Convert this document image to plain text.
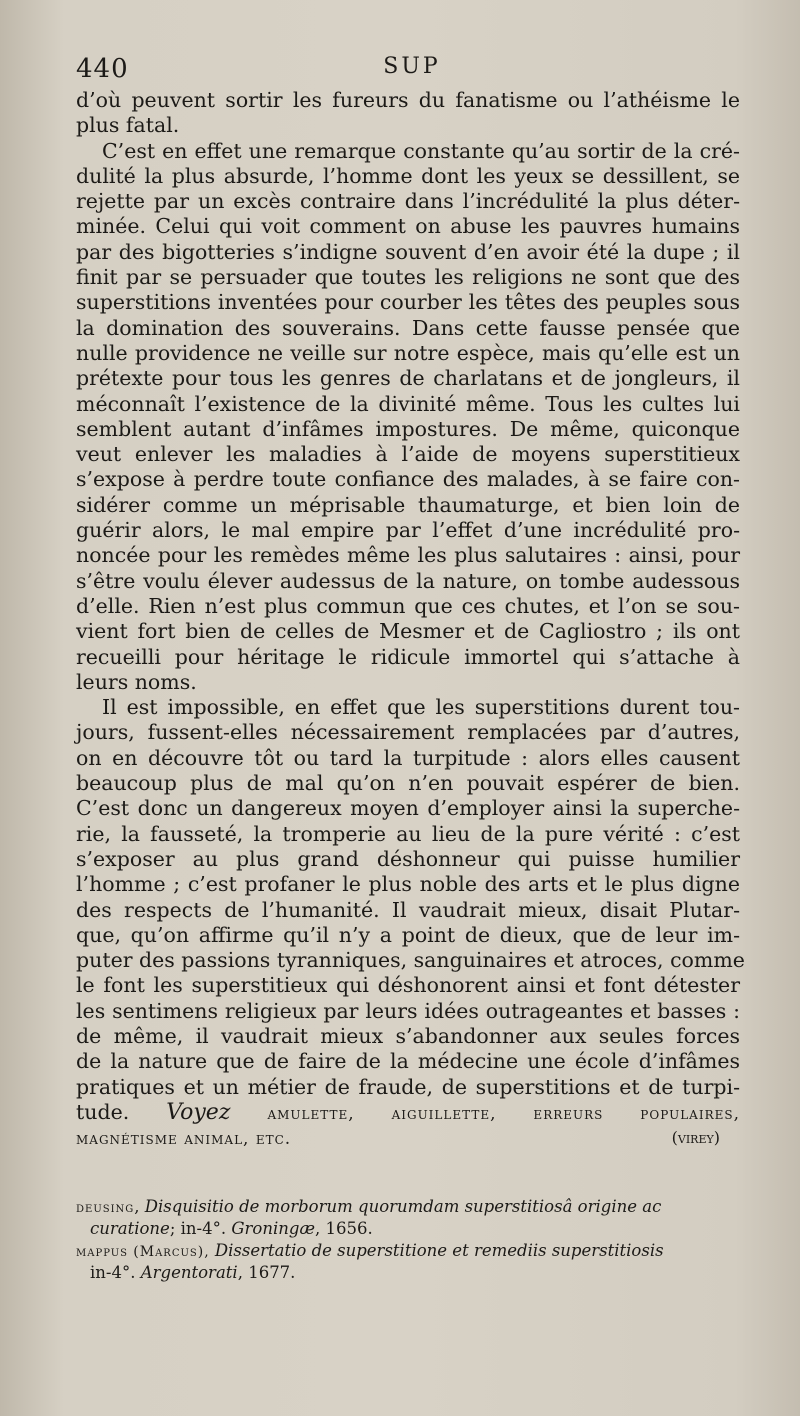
440	SUP
d’où peuvent sortir les fureurs du fanatisme ou l’athéisme le
plus fatal.
C’est en effet une remarque constante qu’au sortir de la cré-
dulité la plus absurde, l’homme dont les yeux se dessillent, se
rejette par un excès contraire dans l’incrédulité la plus déter-
minée. Celui qui voit comment on abuse les pauvres humains
par des bigotteries s’indigne souvent d’en avoir été la dupe ; il
finit par se persuader que toutes les religions ne sont que des
superstitions inventées pour courber les têtes des peuples sous
la domination des souverains. Dans cette fausse pensée que
nulle providence ne veille sur notre espèce, mais qu’elle est un
prétexte pour tous les genres de charlatans et de jongleurs, il
méconnaît l’existence de la divinité même. Tous les cultes lui
semblent autant d’infâmes impostures. De même, quiconque
veut enlever les maladies à l’aide de moyens superstitieux
s’expose à perdre toute confiance des malades, à se faire con-
sidérer comme un méprisable thaumaturge, et bien loin de
guérir alors, le mal empire par l’effet d’une incrédulité pro-
noncée pour les remèdes même les plus salutaires : ainsi, pour
s’être voulu élever audessus de la nature, on tombe audessous
d’elle. Rien n’est plus commun que ces chutes, et l’on se sou-
vient fort bien de celles de Mesmer et de Cagliostro ; ils ont
recueilli pour héritage le ridicule immortel qui s’attache à
leurs noms.
Il est impossible, en effet que les superstitions durent tou-
jours, fussent-elles nécessairement remplacées par d’autres,
on en découvre tôt ou tard la turpitude : alors elles causent
beaucoup plus de mal qu’on n’en pouvait espérer de bien.
C’est donc un dangereux moyen d’employer ainsi la superche-
rie, la fausseté, la tromperie au lieu de la pure vérité : c’est
s’exposer au plus grand déshonneur qui puisse humilier
l’homme ; c’est profaner le plus noble des arts et le plus digne
des respects de l’humanité. Il vaudrait mieux, disait Plutar-
que, qu’on affirme qu’il n’y a point de dieux, que de leur im-
puter des passions tyranniques, sanguinaires et atroces, comme
le font les superstitieux qui déshonorent ainsi et font détester
les sentimens religieux par leurs idées outrageantes et basses :
de même, il vaudrait mieux s’abandonner aux seules forces
de la nature que de faire de la médecine une école d’infâmes
pratiques et un métier de fraude, de superstitions et de turpi-
tude. Voyez amulette, aiguillette, erreurs populaires,
magnétisme animal, etc.	(virey)
deusing, Disquisitio de morborum quorumdam superstitiosâ origine ac
curatione; in-4°. Groningæ, 1656.
mappus (Marcus), Dissertatio de superstitione et remediis superstitiosis
in-4°. Argentorati, 1677.
